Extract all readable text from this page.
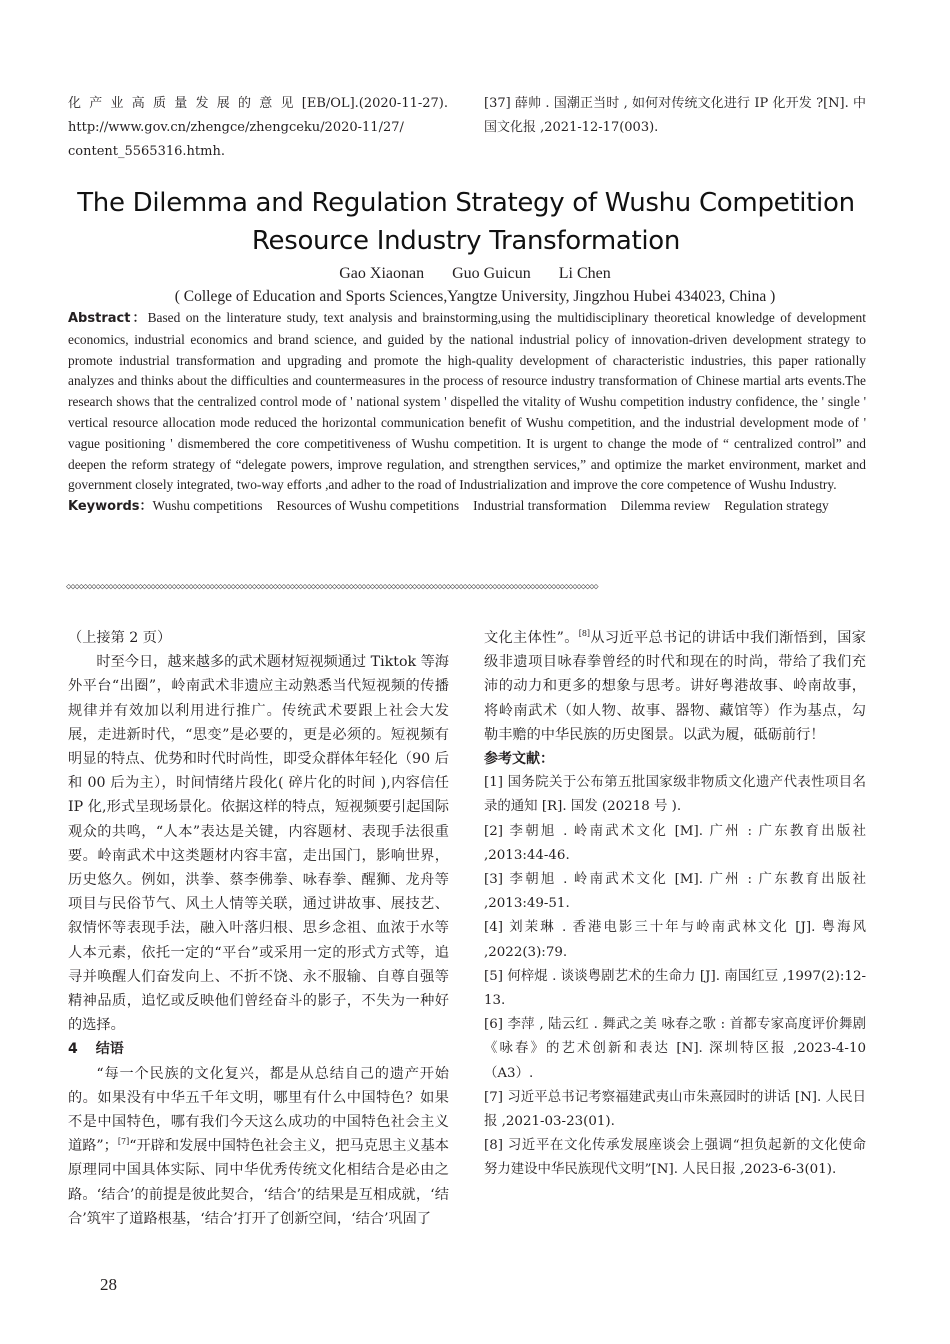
化产业高质量发展的意见[EB/OL].(2020-11-27). http://www.gov.cn/zhengce/zhengceku/2020-11/27/ content_5565316.htmh.
[37] 薛帅 . 国潮正当时 , 如何对传统文化进行 IP 化开发 ?[N]. 中国文化报 ,2021-12-17(003).
The Dilemma and Regulation Strategy of Wushu Competition Resource Industry Transformation
Gao Xiaonan Guo Guicun Li Chen
( College of Education and Sports Sciences,Yangtze University, Jingzhou Hubei 434023, China )
Abstract：Based on the linterature study, text analysis and brainstorming,using the multidisciplinary theoretical knowledge of development economics, industrial economics and brand science, and guided by the national industrial policy of innovation-driven development strategy to promote industrial transformation and upgrading and promote the high-quality development of characteristic industries, this paper rationally analyzes and thinks about the difficulties and countermeasures in the process of resource industry transformation of Chinese martial arts events.The research shows that the centralized control mode of ' national system ' dispelled the vitality of Wushu competition industry confidence, the ' single ' vertical resource allocation mode reduced the horizontal communication benefit of Wushu competition, and the industrial development mode of ' vague positioning ' dismembered the core competitiveness of Wushu competition. It is urgent to change the mode of “ centralized control” and deepen the reform strategy of “delegate powers, improve regulation, and strengthen services,” and optimize the market environment, market and government closely integrated, two-way efforts ,and adher to the road of Industrialization and improve the core competence of Wushu Industry.
Keywords：Wushu competitions Resources of Wushu competitions Industrial transformation Dilemma review Regulation strategy
◇◇◇◇◇◇◇◇◇◇◇◇◇◇◇◇◇◇◇◇◇◇◇◇◇◇◇◇◇◇◇◇◇◇◇◇◇◇◇◇◇◇◇◇◇◇◇◇◇◇◇◇◇◇◇◇◇◇◇◇◇◇◇◇◇◇◇◇◇◇◇◇◇◇◇◇◇◇◇◇◇◇◇◇◇◇◇◇◇◇◇◇◇◇◇◇◇◇◇◇◇◇◇◇◇◇◇◇◇◇◇◇◇◇◇◇◇◇◇◇◇◇◇◇◇◇

（上接第 2 页）

时至今日，越来越多的武术题材短视频通过 Tiktok 等海外平台“出圈”，岭南武术非遗应主动熟悉当代短视频的传播规律并有效加以利用进行推广。传统武术要跟上社会大发展，走进新时代，“思变”是必要的，更是必须的。短视频有明显的特点、优势和时代时尚性，即受众群体年轻化（90 后和 00 后为主），时间情绪片段化( 碎片化的时间 ),内容信任 IP 化,形式呈现场景化。依据这样的特点，短视频要引起国际观众的共鸣，“人本”表达是关键，内容题材、表现手法很重要。岭南武术中这类题材内容丰富，走出国门，影响世界，历史悠久。例如，洪拳、蔡李佛拳、咏春拳、醒狮、龙舟等项目与民俗节气、风土人情等关联，通过讲故事、展技艺、叙情怀等表现手法，融入叶落归根、思乡念祖、血浓于水等人本元素，依托一定的“平台”或采用一定的形式方式等，追寻并唤醒人们奋发向上、不折不饶、永不服输、自尊自强等精神品质，追忆或反映他们曾经奋斗的影子，不失为一种好的选择。

4 结语

“每一个民族的文化复兴，都是从总结自己的遗产开始的。如果没有中华五千年文明，哪里有什么中国特色？如果不是中国特色，哪有我们今天这么成功的中国特色社会主义道路”；[7]“开辟和发展中国特色社会主义，把马克思主义基本原理同中国具体实际、同中华优秀传统文化相结合是必由之路。‘结合’的前提是彼此契合，‘结合’的结果是互相成就，‘结合’筑牢了道路根基，‘结合’打开了创新空间，‘结合’巩固了

文化主体性”。[8]从习近平总书记的讲话中我们渐悟到，国家级非遗项目咏春拳曾经的时代和现在的时尚，带给了我们充沛的动力和更多的想象与思考。讲好粤港故事、岭南故事，将岭南武术（如人物、故事、器物、藏馆等）作为基点，勾勒丰赡的中华民族的历史图景。以武为履，砥砺前行！

参考文献：

[1] 国务院关于公布第五批国家级非物质文化遗产代表性项目名录的通知 [R]. 国发 (20218 号 ).
[2] 李朝旭 . 岭南武术文化 [M]. 广州 : 广东教育出版社 ,2013:44-46.
[3] 李朝旭 . 岭南武术文化 [M]. 广州 : 广东教育出版社 ,2013:49-51.
[4] 刘茉琳 . 香港电影三十年与岭南武林文化 [J]. 粤海风 ,2022(3):79.
[5] 何梓焜 . 谈谈粤剧艺术的生命力 [J]. 南国红豆 ,1997(2):12-13.
[6] 李萍 , 陆云红 . 舞武之美 咏春之歌 : 首都专家高度评价舞剧《咏春》的艺术创新和表达 [N]. 深圳特区报 ,2023-4-10（A3）.
[7] 习近平总书记考察福建武夷山市朱熹园时的讲话 [N]. 人民日报 ,2021-03-23(01).
[8] 习近平在文化传承发展座谈会上强调“担负起新的文化使命 努力建设中华民族现代文明”[N]. 人民日报 ,2023-6-3(01).
28
